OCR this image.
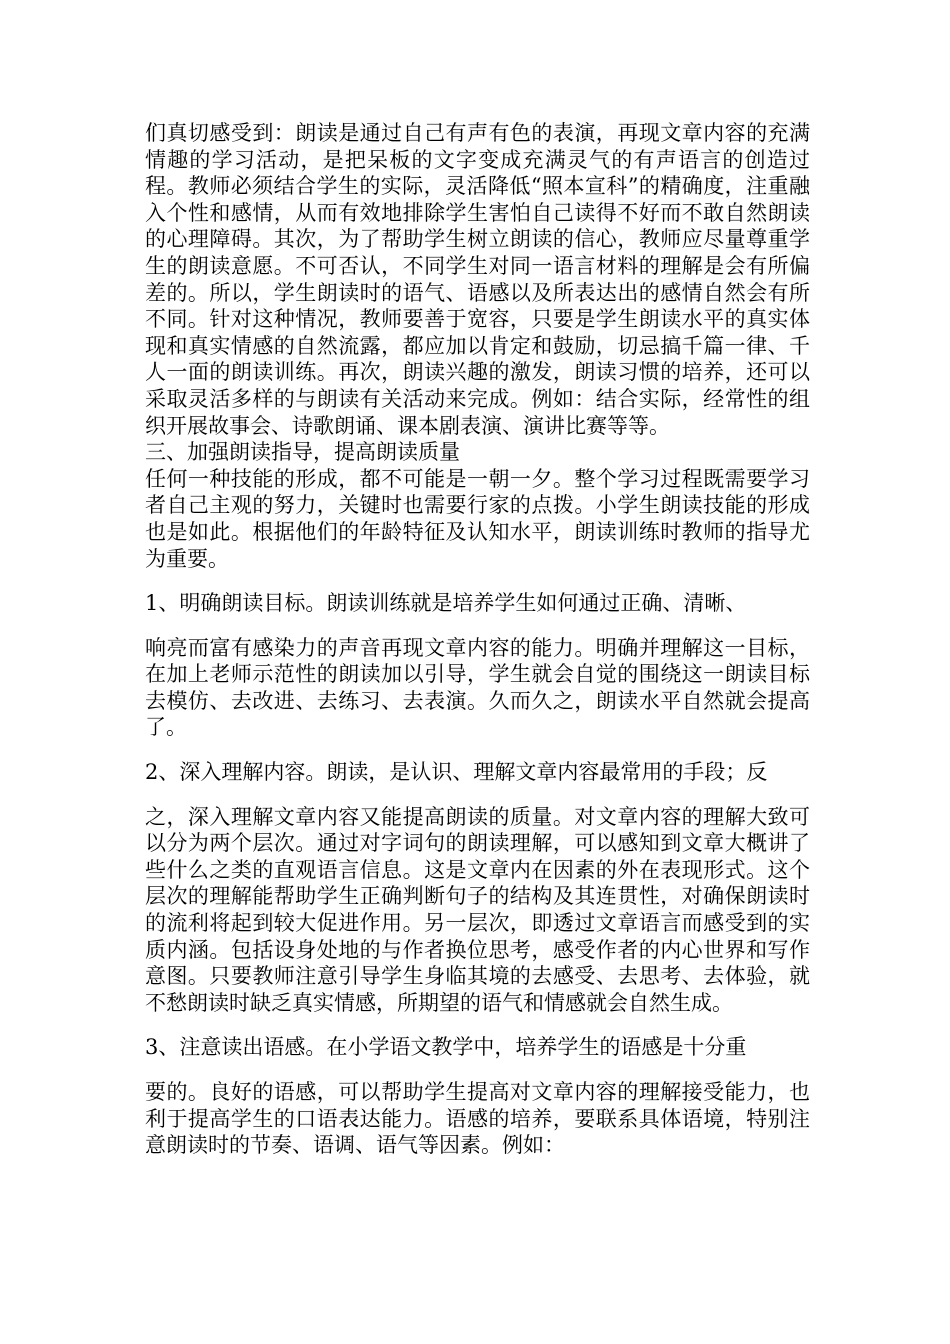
们真切感受到：朗读是通过自己有声有色的表演，再现文章内容的充满情趣的学习活动，是把呆板的文字变成充满灵气的有声语言的创造过程。教师必须结合学生的实际，灵活降低“照本宣科”的精确度，注重融入个性和感情，从而有效地排除学生害怕自己读得不好而不敢自然朗读的心理障碍。其次，为了帮助学生树立朗读的信心，教师应尽量尊重学生的朗读意愿。不可否认，不同学生对同一语言材料的理解是会有所偏差的。所以，学生朗读时的语气、语感以及所表达出的感情自然会有所不同。针对这种情况，教师要善于宽容，只要是学生朗读水平的真实体现和真实情感的自然流露，都应加以肯定和鼓励，切忌搞千篇一律、千人一面的朗读训练。再次，朗读兴趣的激发，朗读习惯的培养，还可以采取灵活多样的与朗读有关活动来完成。例如：结合实际，经常性的组织开展故事会、诗歌朗诵、课本剧表演、演讲比赛等等。

三、加强朗读指导，提高朗读质量

任何一种技能的形成，都不可能是一朝一夕。整个学习过程既需要学习者自己主观的努力，关键时也需要行家的点拨。小学生朗读技能的形成也是如此。根据他们的年龄特征及认知水平，朗读训练时教师的指导尤为重要。

1、明确朗读目标。朗读训练就是培养学生如何通过正确、清晰、

响亮而富有感染力的声音再现文章内容的能力。明确并理解这一目标，在加上老师示范性的朗读加以引导，学生就会自觉的围绕这一朗读目标去模仿、去改进、去练习、去表演。久而久之，朗读水平自然就会提高了。

2、深入理解内容。朗读，是认识、理解文章内容最常用的手段；反

之，深入理解文章内容又能提高朗读的质量。对文章内容的理解大致可以分为两个层次。通过对字词句的朗读理解，可以感知到文章大概讲了些什么之类的直观语言信息。这是文章内在因素的外在表现形式。这个层次的理解能帮助学生正确判断句子的结构及其连贯性，对确保朗读时的流利将起到较大促进作用。另一层次，即透过文章语言而感受到的实质内涵。包括设身处地的与作者换位思考，感受作者的内心世界和写作意图。只要教师注意引导学生身临其境的去感受、去思考、去体验，就不愁朗读时缺乏真实情感，所期望的语气和情感就会自然生成。

3、注意读出语感。在小学语文教学中，培养学生的语感是十分重

要的。良好的语感，可以帮助学生提高对文章内容的理解接受能力，也利于提高学生的口语表达能力。语感的培养，要联系具体语境，特别注意朗读时的节奏、语调、语气等因素。例如：
